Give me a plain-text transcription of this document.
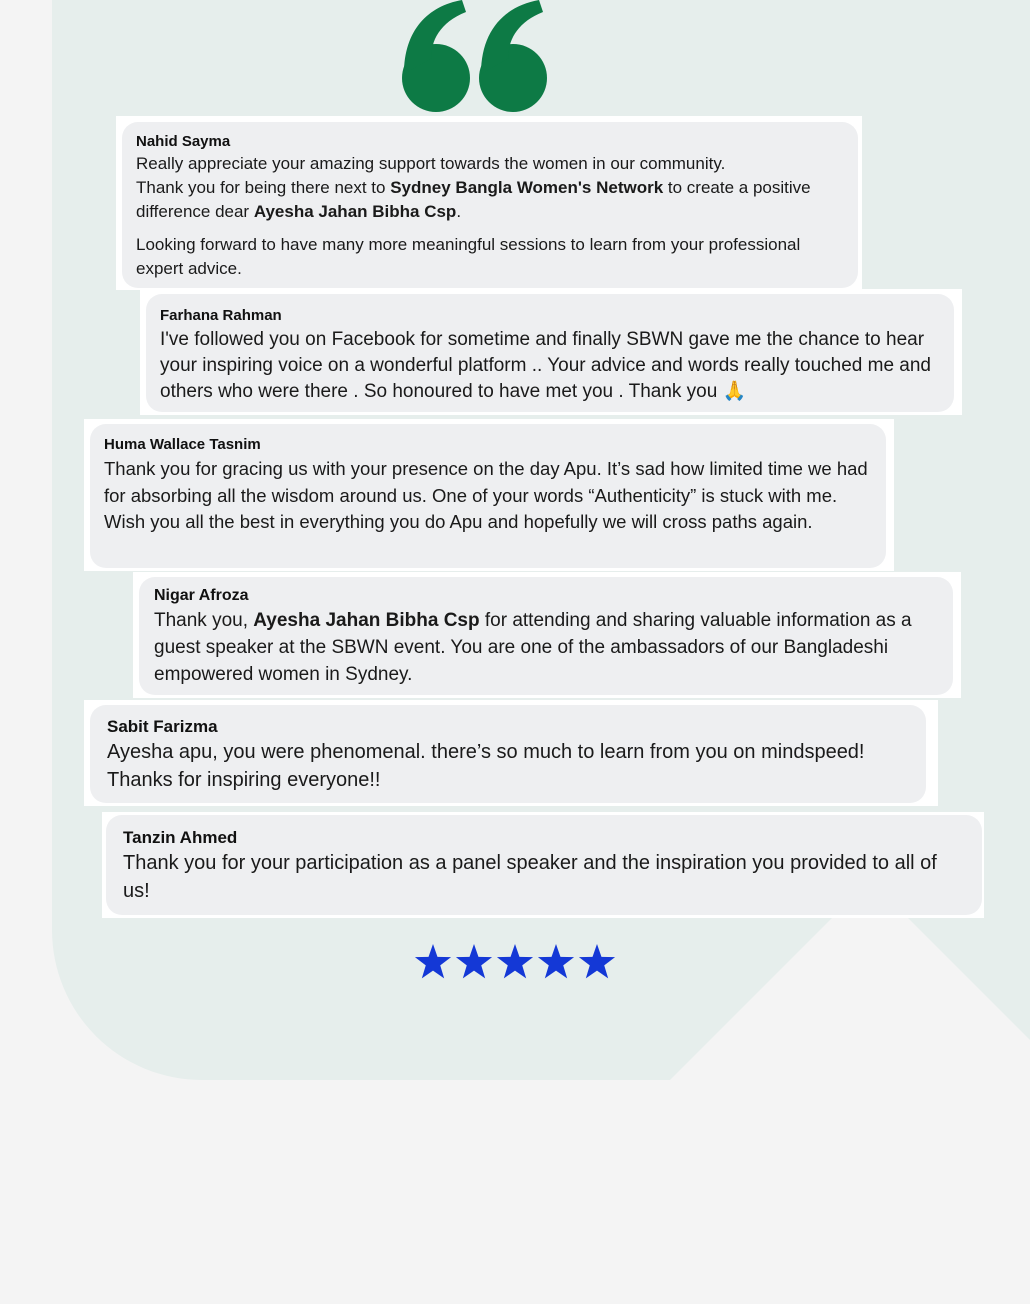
Nahid Sayma
Really appreciate your amazing support towards the women in our community.
Thank you for being there next to Sydney Bangla Women's Network to create a positive difference dear Ayesha Jahan Bibha Csp.
Looking forward to have many more meaningful sessions to learn from your professional expert advice.
Farhana Rahman
I've followed you on Facebook for sometime and finally SBWN gave me the chance to hear your inspiring voice on a wonderful platform .. Your advice and words really touched me and others who were there . So honoured to have met you . Thank you 🙏
Huma Wallace Tasnim
Thank you for gracing us with your presence on the day Apu. It’s sad how limited time we had for absorbing all the wisdom around us. One of your words “Authenticity” is stuck with me. Wish you all the best in everything you do Apu and hopefully we will cross paths again.
Nigar Afroza
Thank you, Ayesha Jahan Bibha Csp for attending and sharing valuable information as a guest speaker at the SBWN event. You are one of the ambassadors of our Bangladeshi empowered women in Sydney.
Sabit Farizma
Ayesha apu, you were phenomenal. there’s so much to learn from you on mindspeed! Thanks for inspiring everyone!!
Tanzin Ahmed
Thank you for your participation as a panel speaker and the inspiration you provided to all of us!
